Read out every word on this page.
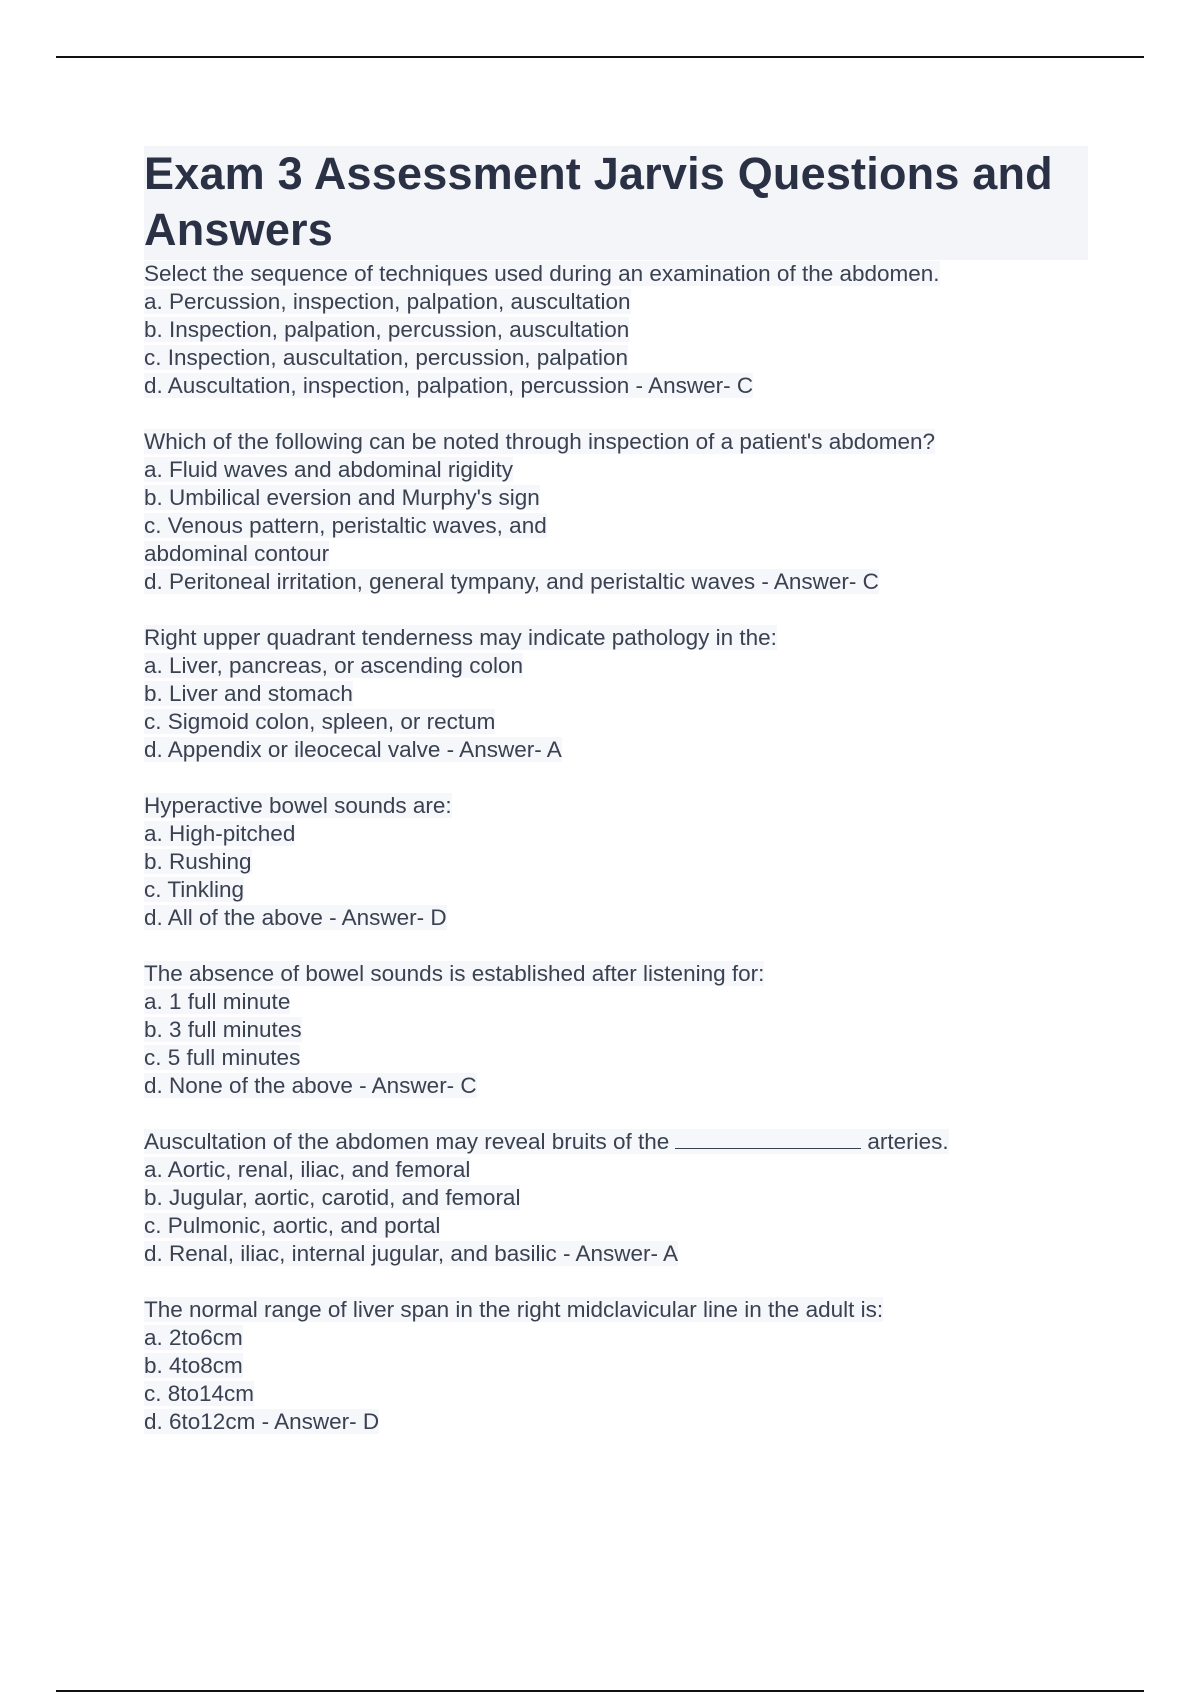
Exam 3 Assessment Jarvis Questions and Answers
Select the sequence of techniques used during an examination of the abdomen.
a. Percussion, inspection, palpation, auscultation
b. Inspection, palpation, percussion, auscultation
c. Inspection, auscultation, percussion, palpation
d. Auscultation, inspection, palpation, percussion - Answer- C
Which of the following can be noted through inspection of a patient's abdomen?
a. Fluid waves and abdominal rigidity
b. Umbilical eversion and Murphy's sign
c. Venous pattern, peristaltic waves, and
abdominal contour
d. Peritoneal irritation, general tympany, and peristaltic waves - Answer- C
Right upper quadrant tenderness may indicate pathology in the:
a. Liver, pancreas, or ascending colon
b. Liver and stomach
c. Sigmoid colon, spleen, or rectum
d. Appendix or ileocecal valve - Answer- A
Hyperactive bowel sounds are:
a. High-pitched
b. Rushing
c. Tinkling
d. All of the above - Answer- D
The absence of bowel sounds is established after listening for:
a. 1 full minute
b. 3 full minutes
c. 5 full minutes
d. None of the above - Answer- C
Auscultation of the abdomen may reveal bruits of the	arteries.
a. Aortic, renal, iliac, and femoral
b. Jugular, aortic, carotid, and femoral
c. Pulmonic, aortic, and portal
d. Renal, iliac, internal jugular, and basilic - Answer- A
The normal range of liver span in the right midclavicular line in the adult is:
a. 2to6cm
b. 4to8cm
c. 8to14cm
d. 6to12cm - Answer- D
